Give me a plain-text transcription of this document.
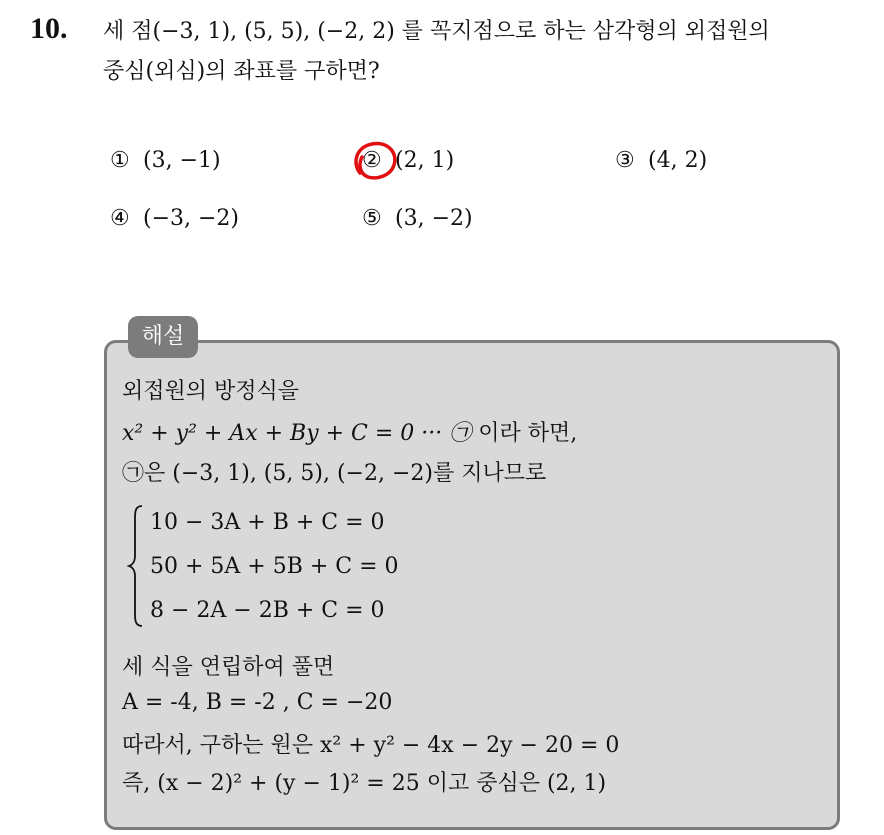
10. 세 점(−3, 1), (5, 5), (−2, 2) 를 꼭지점으로 하는 삼각형의 외접원의
중심(외심)의 좌표를 구하면?
① (3, −1)	② (2, 1)	③ (4, 2)
④ (−3, −2)	⑤ (3, −2)
해설
외접원의 방정식을
x² + y² + Ax + By + C = 0 ··· ㉠ 이라 하면,
㉠은 (−3, 1), (5, 5), (−2, −2)를 지나므로
10 − 3A + B + C = 0
50 + 5A + 5B + C = 0
8 − 2A − 2B + C = 0
세 식을 연립하여 풀면
A = -4, B = -2 , C = −20
따라서, 구하는 원은 x² + y² − 4x − 2y − 20 = 0
즉, (x − 2)² + (y − 1)² = 25 이고 중심은 (2, 1)
